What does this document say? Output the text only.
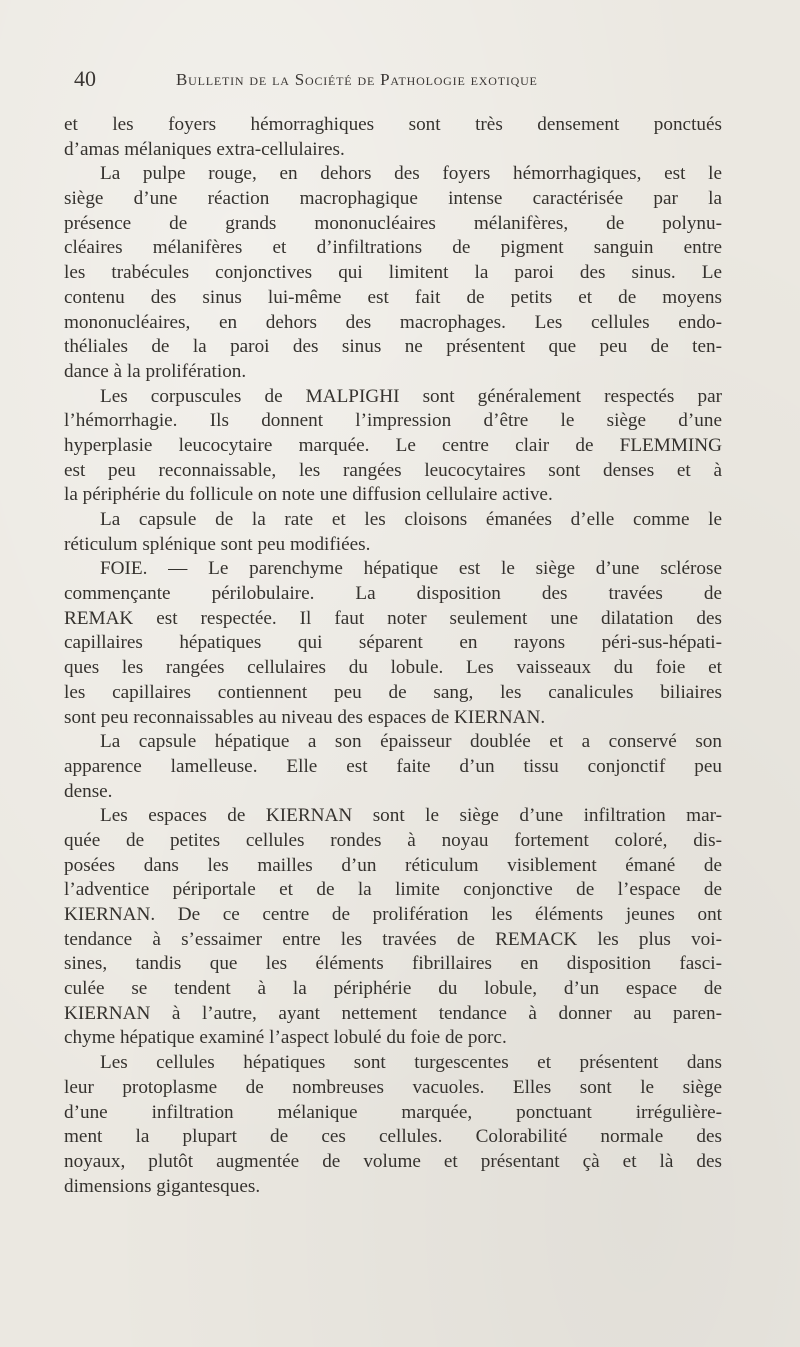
40	Bulletin de la Société de Pathologie exotique
et les foyers hémorraghiques sont très densement ponctués
d’amas mélaniques extra-cellulaires.
La pulpe rouge, en dehors des foyers hémorrhagiques, est le
siège d’une réaction macrophagique intense caractérisée par la
présence de grands mononucléaires mélanifères, de polynu-
cléaires mélanifères et d’infiltrations de pigment sanguin entre
les trabécules conjonctives qui limitent la paroi des sinus. Le
contenu des sinus lui-même est fait de petits et de moyens
mononucléaires, en dehors des macrophages. Les cellules endo-
théliales de la paroi des sinus ne présentent que peu de ten-
dance à la prolifération.
Les corpuscules de MALPIGHI sont généralement respectés par
l’hémorrhagie. Ils donnent l’impression d’être le siège d’une
hyperplasie leucocytaire marquée. Le centre clair de FLEMMING
est peu reconnaissable, les rangées leucocytaires sont denses et à
la périphérie du follicule on note une diffusion cellulaire active.
La capsule de la rate et les cloisons émanées d’elle comme le
réticulum splénique sont peu modifiées.
FOIE. — Le parenchyme hépatique est le siège d’une sclérose
commençante périlobulaire. La disposition des travées de
REMAK est respectée. Il faut noter seulement une dilatation des
capillaires hépatiques qui séparent en rayons péri-sus-hépati-
ques les rangées cellulaires du lobule. Les vaisseaux du foie et
les capillaires contiennent peu de sang, les canalicules biliaires
sont peu reconnaissables au niveau des espaces de KIERNAN.
La capsule hépatique a son épaisseur doublée et a conservé son
apparence lamelleuse. Elle est faite d’un tissu conjonctif peu
dense.
Les espaces de KIERNAN sont le siège d’une infiltration mar-
quée de petites cellules rondes à noyau fortement coloré, dis-
posées dans les mailles d’un réticulum visiblement émané de
l’adventice périportale et de la limite conjonctive de l’espace de
KIERNAN. De ce centre de prolifération les éléments jeunes ont
tendance à s’essaimer entre les travées de REMACK les plus voi-
sines, tandis que les éléments fibrillaires en disposition fasci-
culée se tendent à la périphérie du lobule, d’un espace de
KIERNAN à l’autre, ayant nettement tendance à donner au paren-
chyme hépatique examiné l’aspect lobulé du foie de porc.
Les cellules hépatiques sont turgescentes et présentent dans
leur protoplasme de nombreuses vacuoles. Elles sont le siège
d’une infiltration mélanique marquée, ponctuant irrégulière-
ment la plupart de ces cellules. Colorabilité normale des
noyaux, plutôt augmentée de volume et présentant çà et là des
dimensions gigantesques.
